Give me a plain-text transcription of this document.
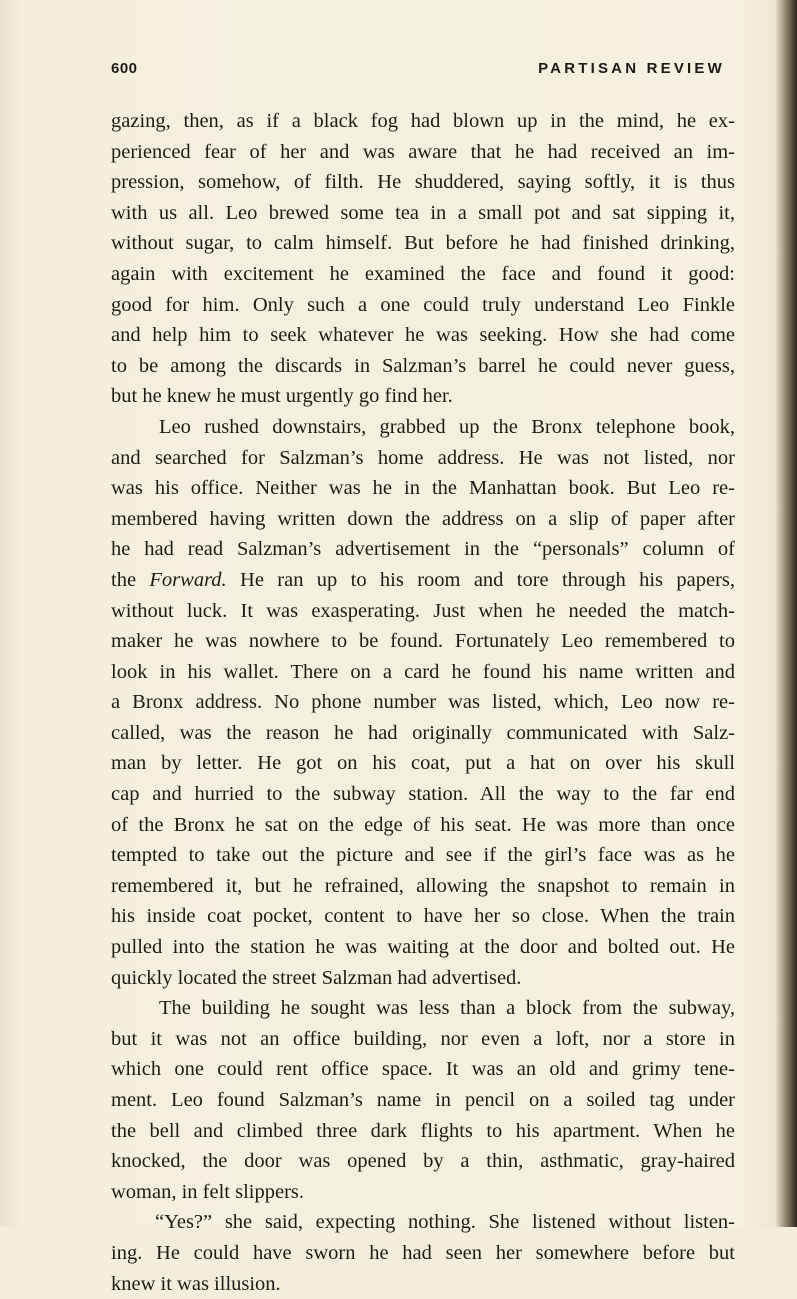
600	PARTISAN REVIEW
gazing, then, as if a black fog had blown up in the mind, he ex-
perienced fear of her and was aware that he had received an im-
pression, somehow, of filth. He shuddered, saying softly, it is thus
with us all. Leo brewed some tea in a small pot and sat sipping it,
without sugar, to calm himself. But before he had finished drinking,
again with excitement he examined the face and found it good:
good for him. Only such a one could truly understand Leo Finkle
and help him to seek whatever he was seeking. How she had come
to be among the discards in Salzman’s barrel he could never guess,
but he knew he must urgently go find her.
Leo rushed downstairs, grabbed up the Bronx telephone book,
and searched for Salzman’s home address. He was not listed, nor
was his office. Neither was he in the Manhattan book. But Leo re-
membered having written down the address on a slip of paper after
he had read Salzman’s advertisement in the “personals” column of
the Forward. He ran up to his room and tore through his papers,
without luck. It was exasperating. Just when he needed the match-
maker he was nowhere to be found. Fortunately Leo remembered to
look in his wallet. There on a card he found his name written and
a Bronx address. No phone number was listed, which, Leo now re-
called, was the reason he had originally communicated with Salz-
man by letter. He got on his coat, put a hat on over his skull
cap and hurried to the subway station. All the way to the far end
of the Bronx he sat on the edge of his seat. He was more than once
tempted to take out the picture and see if the girl’s face was as he
remembered it, but he refrained, allowing the snapshot to remain in
his inside coat pocket, content to have her so close. When the train
pulled into the station he was waiting at the door and bolted out. He
quickly located the street Salzman had advertised.
The building he sought was less than a block from the subway,
but it was not an office building, nor even a loft, nor a store in
which one could rent office space. It was an old and grimy tene-
ment. Leo found Salzman’s name in pencil on a soiled tag under
the bell and climbed three dark flights to his apartment. When he
knocked, the door was opened by a thin, asthmatic, gray-haired
woman, in felt slippers.
“Yes?” she said, expecting nothing. She listened without listen-
ing. He could have sworn he had seen her somewhere before but
knew it was illusion.
